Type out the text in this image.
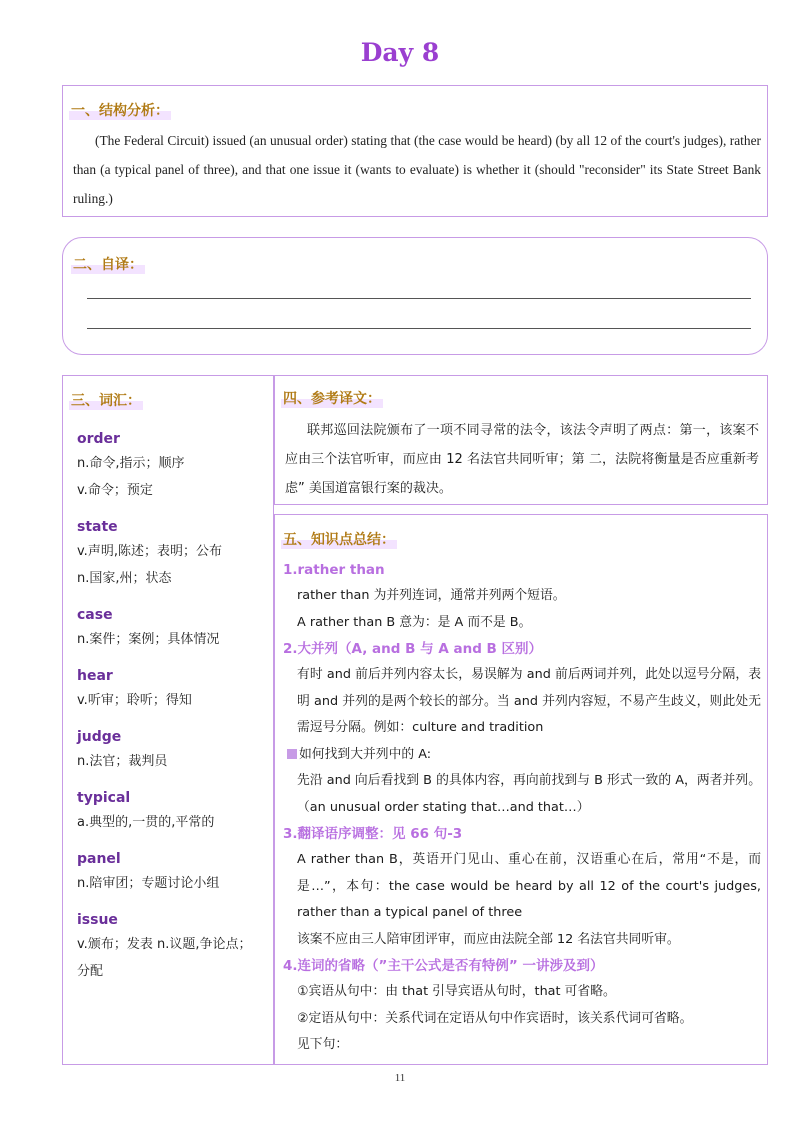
Day 8
一、结构分析：
(The Federal Circuit) issued (an unusual order) stating that (the case would be heard) (by all 12 of the court's judges), rather than (a typical panel of three), and that one issue it (wants to evaluate) is whether it (should "reconsider" its State Street Bank ruling.)
二、自译：
三、词汇：
order
n.命令,指示；顺序
v.命令；预定
state
v.声明,陈述；表明；公布
n.国家,州；状态
case
n.案件；案例；具体情况
hear
v.听审；聆听；得知
judge
n.法官；裁判员
typical
a.典型的,一贯的,平常的
panel
n.陪审团；专题讨论小组
issue
v.颁布；发表 n.议题,争论点；
分配
四、参考译文：
联邦巡回法院颁布了一项不同寻常的法令，该法令声明了两点：第一，该案不应由三个法官听审，而应由 12 名法官共同听审；第 二，法院将衡量是否应重新考虑” 美国道富银行案的裁决。
五、知识点总结：
1.rather than
rather than 为并列连词，通常并列两个短语。
A rather than B 意为：是 A 而不是 B。
2.大并列（A, and B 与 A and B 区别）
有时 and 前后并列内容太长，易误解为 and 前后两词并列，此处以逗号分隔，表明 and 并列的是两个较长的部分。当 and 并列内容短，不易产生歧义，则此处无需逗号分隔。例如：culture and tradition
如何找到大并列中的 A:
先沿 and 向后看找到 B 的具体内容，再向前找到与 B 形式一致的 A，两者并列。（an unusual order stating that…and that…）
3.翻译语序调整：见 66 句-3
A rather than B，英语开门见山、重心在前，汉语重心在后，常用“不是，而是…”，本句：the case would be heard by all 12 of the court's judges, rather than a typical panel of three
该案不应由三人陪审团评审，而应由法院全部 12 名法官共同听审。
4.连词的省略（”主干公式是否有特例” 一讲涉及到）
①宾语从句中：由 that 引导宾语从句时，that 可省略。
②定语从句中：关系代词在定语从句中作宾语时，该关系代词可省略。
见下句：
11
